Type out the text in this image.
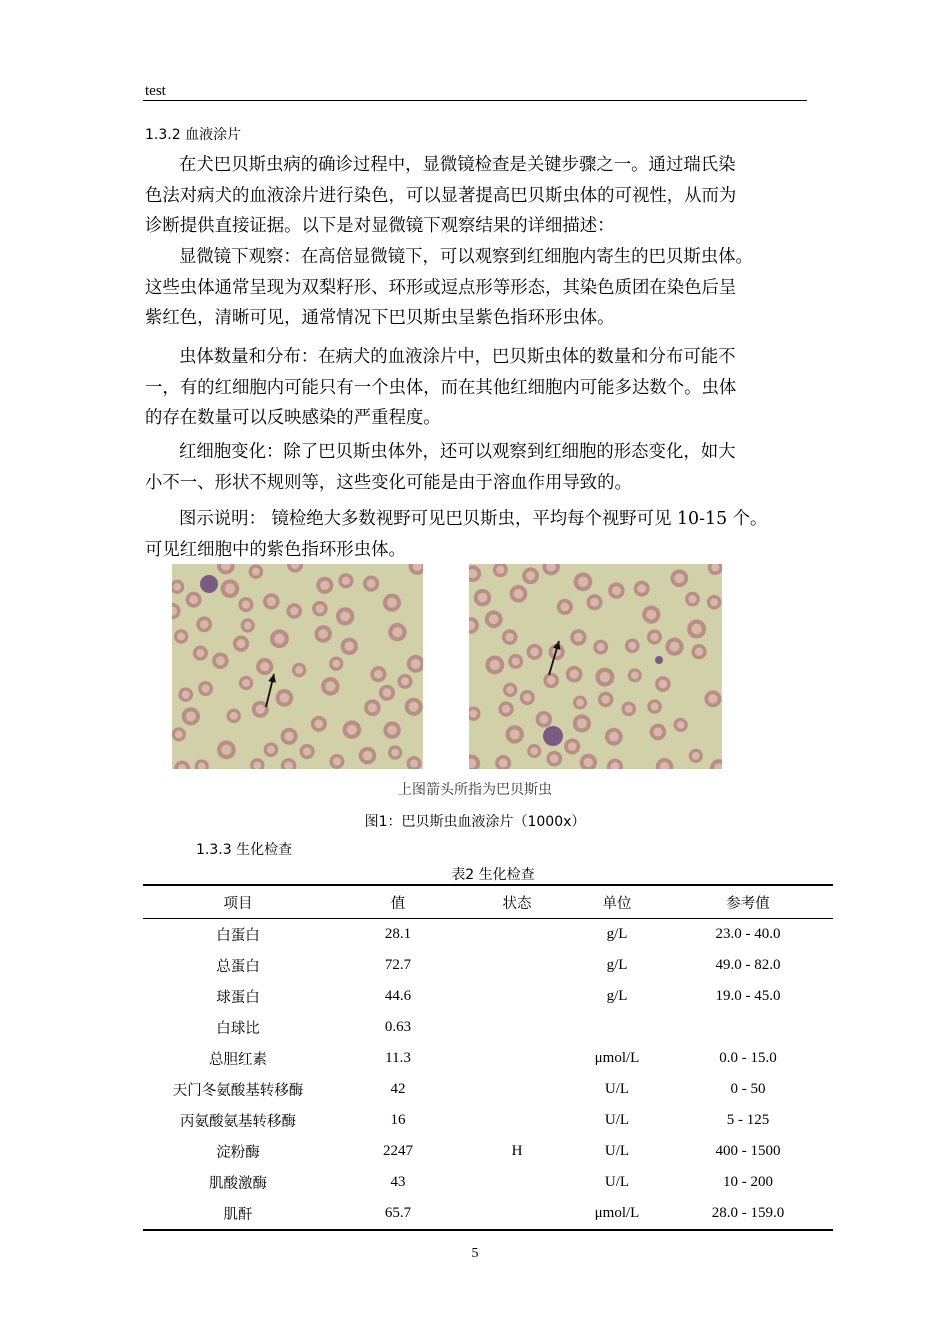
test
1.3.2 血液涂片
在犬巴贝斯虫病的确诊过程中，显微镜检查是关键步骤之一。通过瑞氏染
色法对病犬的血液涂片进行染色，可以显著提高巴贝斯虫体的可视性，从而为
诊断提供直接证据。以下是对显微镜下观察结果的详细描述：
显微镜下观察：在高倍显微镜下，可以观察到红细胞内寄生的巴贝斯虫体。
这些虫体通常呈现为双梨籽形、环形或逗点形等形态，其染色质团在染色后呈
紫红色，清晰可见，通常情况下巴贝斯虫呈紫色指环形虫体。
虫体数量和分布：在病犬的血液涂片中，巴贝斯虫体的数量和分布可能不
一，有的红细胞内可能只有一个虫体，而在其他红细胞内可能多达数个。虫体
的存在数量可以反映感染的严重程度。
红细胞变化：除了巴贝斯虫体外，还可以观察到红细胞的形态变化，如大
小不一、形状不规则等，这些变化可能是由于溶血作用导致的。
图示说明： 镜检绝大多数视野可见巴贝斯虫，平均每个视野可见 10-15 个。
可见红细胞中的紫色指环形虫体。
上图箭头所指为巴贝斯虫
图1：巴贝斯虫血液涂片（1000x）
1.3.3 生化检查
表2 生化检查
项目	值	状态	单位	参考值
白蛋白	28.1		g/L	23.0 - 40.0
总蛋白	72.7		g/L	49.0 - 82.0
球蛋白	44.6		g/L	19.0 - 45.0
白球比	0.63			
总胆红素	11.3		μmol/L	0.0 - 15.0
天门冬氨酸基转移酶	42		U/L	0 - 50
丙氨酸氨基转移酶	16		U/L	5 - 125
淀粉酶	2247	H	U/L	400 - 1500
肌酸激酶	43		U/L	10 - 200
肌酐	65.7		μmol/L	28.0 - 159.0
5
